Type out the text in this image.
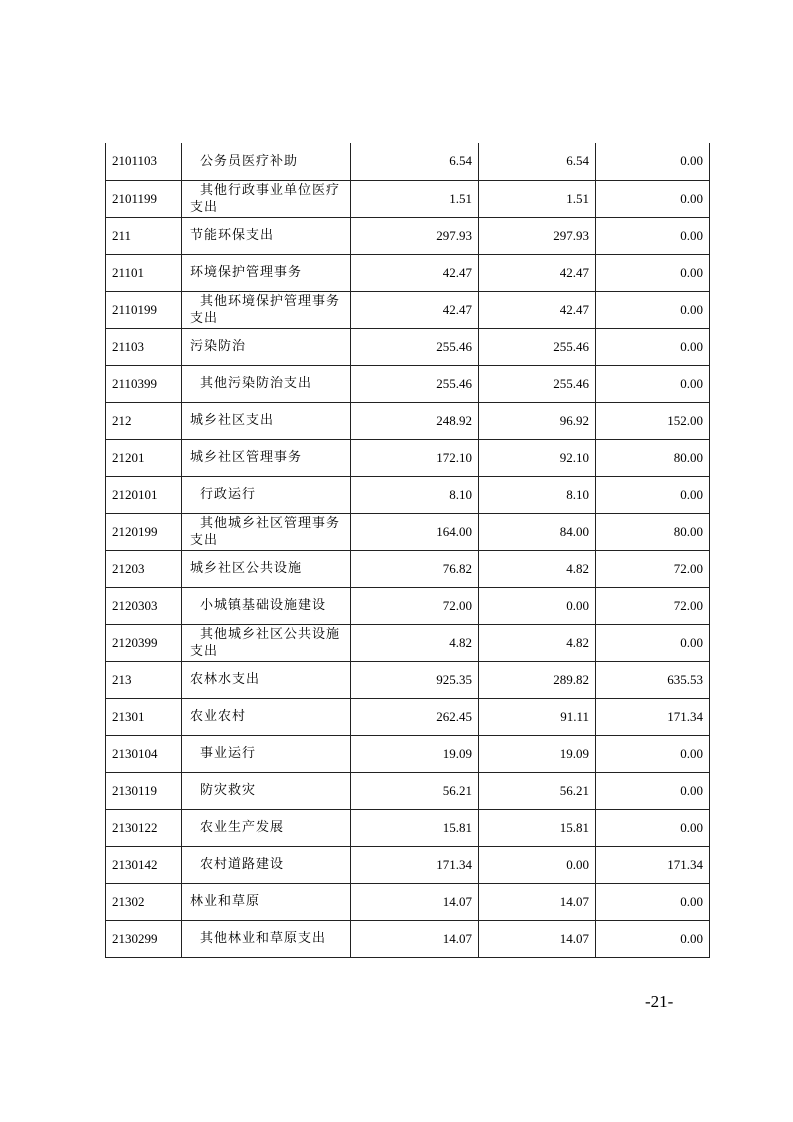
2101103	公务员医疗补助	6.54	6.54	0.00
2101199	其他行政事业单位医疗支出	1.51	1.51	0.00
211	节能环保支出	297.93	297.93	0.00
21101	环境保护管理事务	42.47	42.47	0.00
2110199	其他环境保护管理事务支出	42.47	42.47	0.00
21103	污染防治	255.46	255.46	0.00
2110399	其他污染防治支出	255.46	255.46	0.00
212	城乡社区支出	248.92	96.92	152.00
21201	城乡社区管理事务	172.10	92.10	80.00
2120101	行政运行	8.10	8.10	0.00
2120199	其他城乡社区管理事务支出	164.00	84.00	80.00
21203	城乡社区公共设施	76.82	4.82	72.00
2120303	小城镇基础设施建设	72.00	0.00	72.00
2120399	其他城乡社区公共设施支出	4.82	4.82	0.00
213	农林水支出	925.35	289.82	635.53
21301	农业农村	262.45	91.11	171.34
2130104	事业运行	19.09	19.09	0.00
2130119	防灾救灾	56.21	56.21	0.00
2130122	农业生产发展	15.81	15.81	0.00
2130142	农村道路建设	171.34	0.00	171.34
21302	林业和草原	14.07	14.07	0.00
2130299	其他林业和草原支出	14.07	14.07	0.00
-21-
